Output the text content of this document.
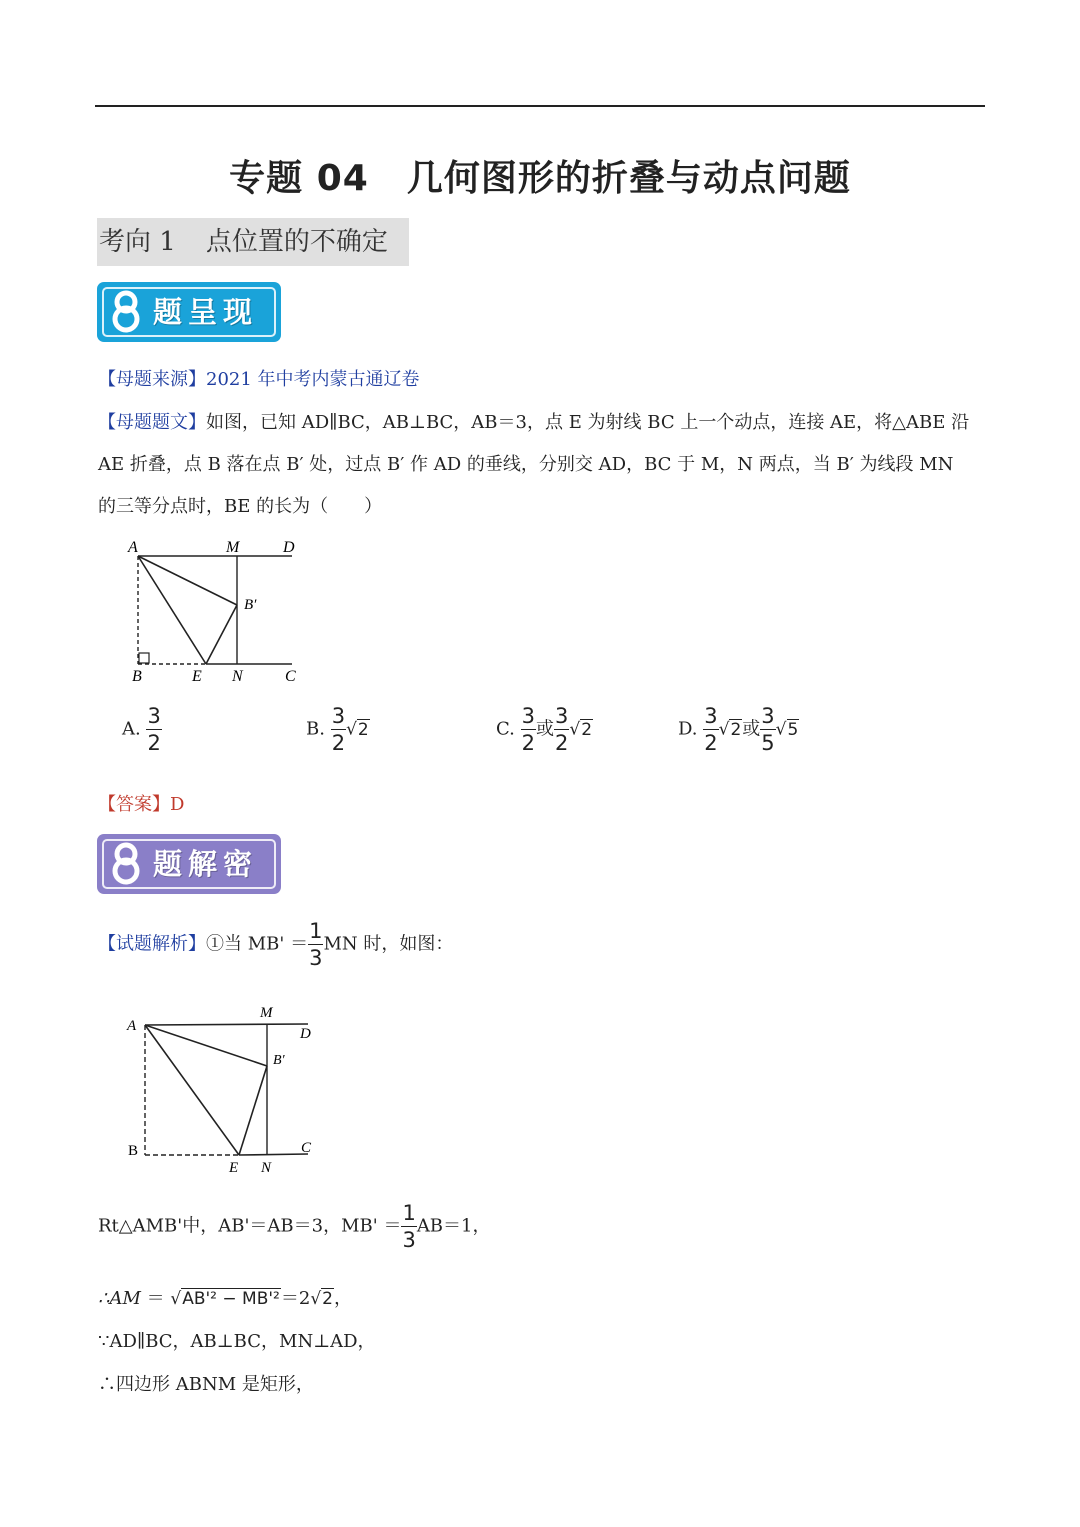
专题 04 几何图形的折叠与动点问题
考向 1 点位置的不确定
题呈现
【母题来源】2021 年中考内蒙古通辽卷
【母题题文】如图，已知 AD∥BC，AB⊥BC，AB＝3，点 E 为射线 BC 上一个动点，连接 AE，将△ABE 沿
AE 折叠，点 B 落在点 B′ 处，过点 B′ 作 AD 的垂线，分别交 AD，BC 于 M，N 两点，当 B′ 为线段 MN
的三等分点时，BE 的长为（　　）
A	M	D
B′
B	E N	C
A. $\frac{3}{2}$	B. $\frac{3}{2} √2$	C. $\frac{3}{2}$ 或 $\frac{3}{2} √2$	D. $\frac{3}{2} √2$或 $\frac{3}{5} √5$
【答案】D
题解密
【试题解析】①当 $MB' = \frac{1}{3}$ MN 时，如图：
A
M
D
B′
B
E N
C
Rt△AMB'中，AB'＝AB＝3，$MB' = \frac{1}{3} AB=1$，
∴AM ＝ √AB'² − MB'²＝2√2，
∵AD∥BC，AB⊥BC，MN⊥AD，
∴四边形 ABNM 是矩形，
